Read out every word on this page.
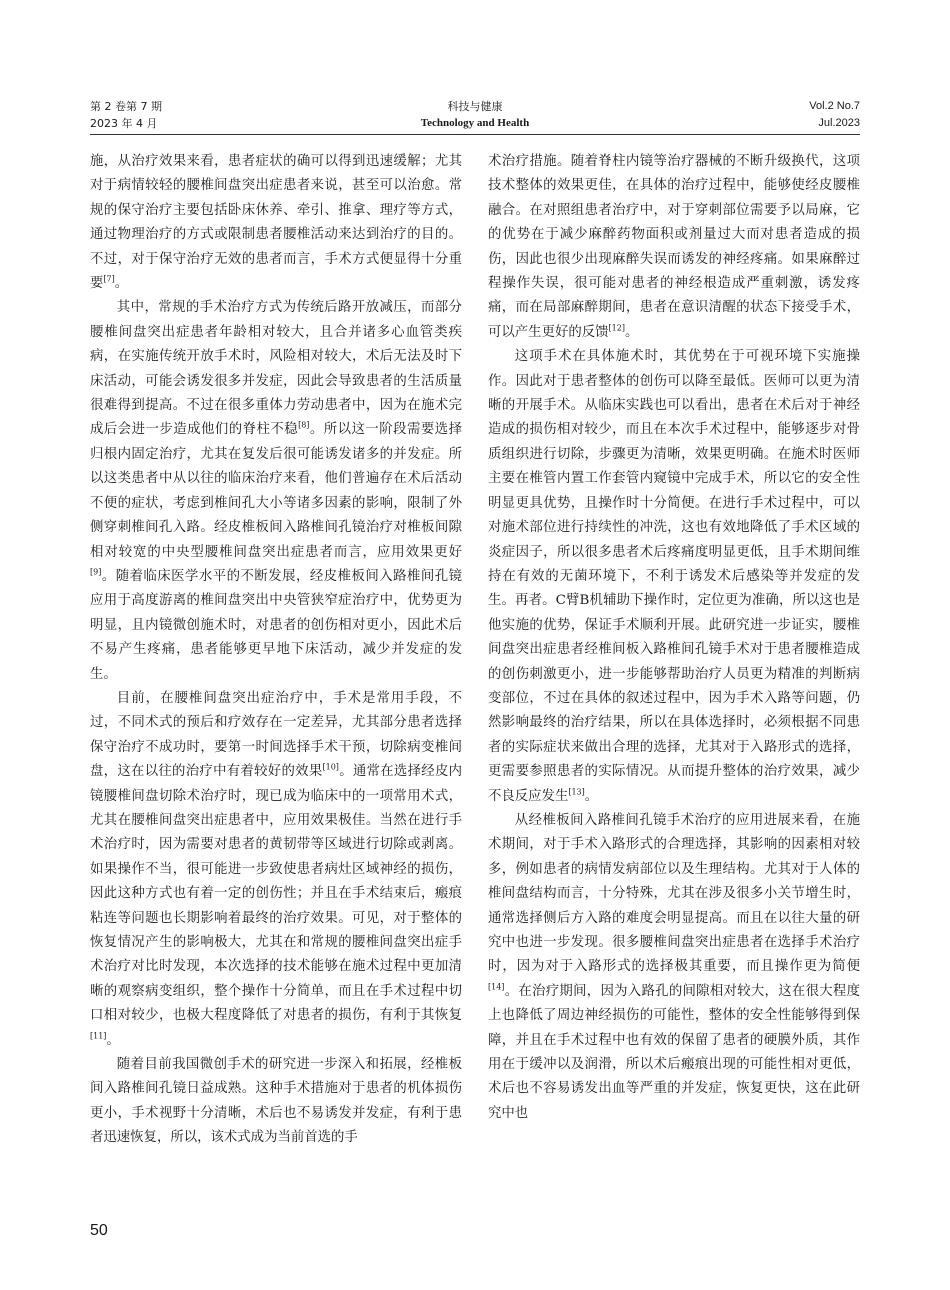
第 2 卷第 7 期
2023 年 4 月
科技与健康
Technology and Health
Vol.2 No.7
Jul.2023

施，从治疗效果来看，患者症状的确可以得到迅速缓解；尤其对于病情较轻的腰椎间盘突出症患者来说，甚至可以治愈。常规的保守治疗主要包括卧床休养、牵引、推拿、理疗等方式，通过物理治疗的方式或限制患者腰椎活动来达到治疗的目的。不过，对于保守治疗无效的患者而言，手术方式便显得十分重要[7]。

其中，常规的手术治疗方式为传统后路开放减压，而部分腰椎间盘突出症患者年龄相对较大，且合并诸多心血管类疾病，在实施传统开放手术时，风险相对较大，术后无法及时下床活动，可能会诱发很多并发症，因此会导致患者的生活质量很难得到提高。不过在很多重体力劳动患者中，因为在施术完成后会进一步造成他们的脊柱不稳[8]。所以这一阶段需要选择归根内固定治疗，尤其在复发后很可能诱发诸多的并发症。所以这类患者中从以往的临床治疗来看，他们普遍存在术后活动不便的症状，考虑到椎间孔大小等诸多因素的影响，限制了外侧穿刺椎间孔入路。经皮椎板间入路椎间孔镜治疗对椎板间隙相对较宽的中央型腰椎间盘突出症患者而言，应用效果更好[9]。随着临床医学水平的不断发展，经皮椎板间入路椎间孔镜应用于高度游离的椎间盘突出中央管狭窄症治疗中，优势更为明显，且内镜微创施术时，对患者的创伤相对更小，因此术后不易产生疼痛，患者能够更早地下床活动，减少并发症的发生。

目前，在腰椎间盘突出症治疗中，手术是常用手段，不过，不同术式的预后和疗效存在一定差异，尤其部分患者选择保守治疗不成功时，要第一时间选择手术干预，切除病变椎间盘，这在以往的治疗中有着较好的效果[10]。通常在选择经皮内镜腰椎间盘切除术治疗时，现已成为临床中的一项常用术式，尤其在腰椎间盘突出症患者中，应用效果极佳。当然在进行手术治疗时，因为需要对患者的黄韧带等区域进行切除或剥离。如果操作不当，很可能进一步致使患者病灶区域神经的损伤，因此这种方式也有着一定的创伤性；并且在手术结束后，瘢痕粘连等问题也长期影响着最终的治疗效果。可见，对于整体的恢复情况产生的影响极大，尤其在和常规的腰椎间盘突出症手术治疗对比时发现，本次选择的技术能够在施术过程中更加清晰的观察病变组织，整个操作十分简单，而且在手术过程中切口相对较少，也极大程度降低了对患者的损伤，有利于其恢复[11]。

随着目前我国微创手术的研究进一步深入和拓展，经椎板间入路椎间孔镜日益成熟。这种手术措施对于患者的机体损伤更小，手术视野十分清晰，术后也不易诱发并发症，有利于患者迅速恢复，所以，该术式成为当前首选的手

术治疗措施。随着脊柱内镜等治疗器械的不断升级换代，这项技术整体的效果更佳，在具体的治疗过程中，能够使经皮腰椎融合。在对照组患者治疗中，对于穿刺部位需要予以局麻，它的优势在于减少麻醉药物面积或剂量过大而对患者造成的损伤，因此也很少出现麻醉失误而诱发的神经疼痛。如果麻醉过程操作失误，很可能对患者的神经根造成严重刺激，诱发疼痛，而在局部麻醉期间，患者在意识清醒的状态下接受手术，可以产生更好的反馈[12]。

这项手术在具体施术时，其优势在于可视环境下实施操作。因此对于患者整体的创伤可以降至最低。医师可以更为清晰的开展手术。从临床实践也可以看出，患者在术后对于神经造成的损伤相对较少，而且在本次手术过程中，能够逐步对骨质组织进行切除，步骤更为清晰，效果更明确。在施术时医师主要在椎管内置工作套管内窥镜中完成手术，所以它的安全性明显更具优势，且操作时十分简便。在进行手术过程中，可以对施术部位进行持续性的冲洗，这也有效地降低了手术区域的炎症因子，所以很多患者术后疼痛度明显更低，且手术期间维持在有效的无菌环境下，不利于诱发术后感染等并发症的发生。再者。C臂B机辅助下操作时，定位更为准确，所以这也是他实施的优势，保证手术顺利开展。此研究进一步证实，腰椎间盘突出症患者经椎间板入路椎间孔镜手术对于患者腰椎造成的创伤刺激更小，进一步能够帮助治疗人员更为精准的判断病变部位，不过在具体的叙述过程中，因为手术入路等问题，仍然影响最终的治疗结果，所以在具体选择时，必须根据不同患者的实际症状来做出合理的选择，尤其对于入路形式的选择，更需要参照患者的实际情况。从而提升整体的治疗效果，减少不良反应发生[13]。

从经椎板间入路椎间孔镜手术治疗的应用进展来看，在施术期间，对于手术入路形式的合理选择，其影响的因素相对较多，例如患者的病情发病部位以及生理结构。尤其对于人体的椎间盘结构而言，十分特殊，尤其在涉及很多小关节增生时，通常选择侧后方入路的难度会明显提高。而且在以往大量的研究中也进一步发现。很多腰椎间盘突出症患者在选择手术治疗时，因为对于入路形式的选择极其重要，而且操作更为简便[14]。在治疗期间，因为入路孔的间隙相对较大，这在很大程度上也降低了周边神经损伤的可能性，整体的安全性能够得到保障，并且在手术过程中也有效的保留了患者的硬膜外质，其作用在于缓冲以及润滑，所以术后瘢痕出现的可能性相对更低，术后也不容易诱发出血等严重的并发症，恢复更快，这在此研究中也

50
